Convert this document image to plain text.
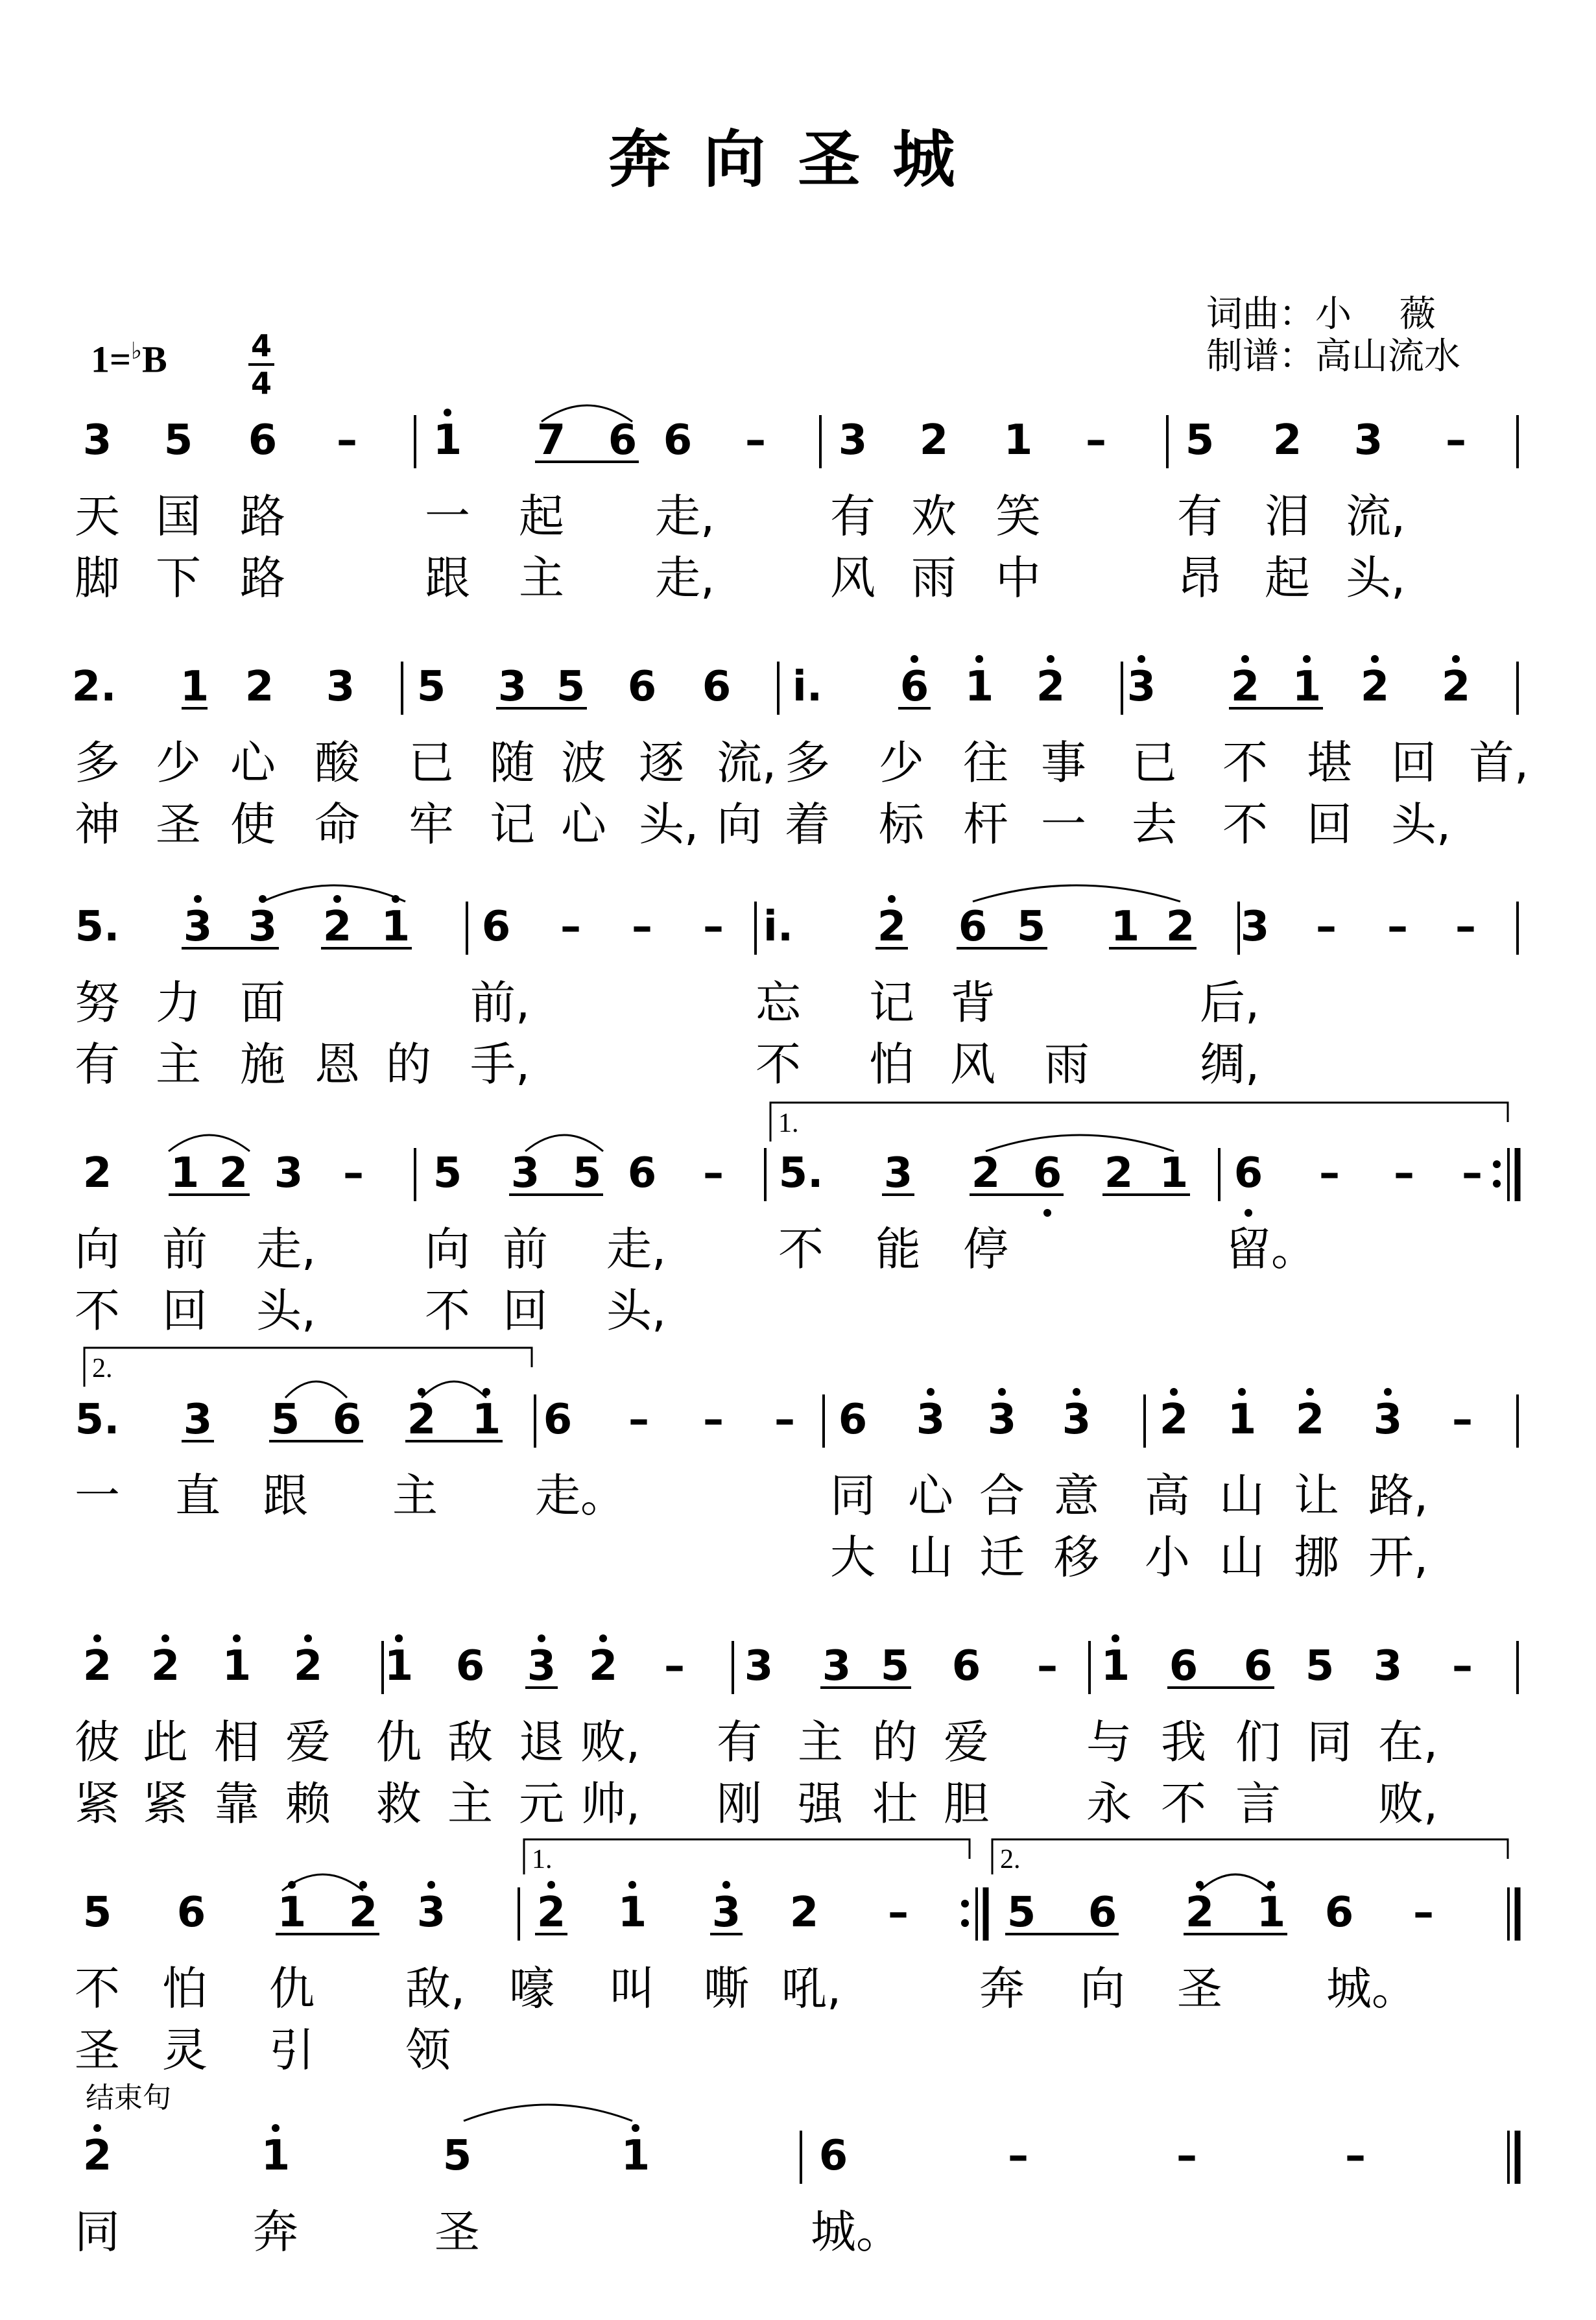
奔向圣城
词曲：小　 薇
制谱：高山流水
1=♭B	4
4
结束句
3 5 6 – 1 7 6 6 – 3 2 1 – 5 2 3 –
天 国 路	一 起 走,	有 欢 笑	有 泪 流,
脚 下 路	跟 主 走,	风 雨 中	昂 起 头,
2. 1 2 3 5 3 5 6 6 i. 6 1 2 3 2 1 2 2
多 少 心 酸 已 随 波 逐 流, 多 少 往 事 已 不 堪 回 首,
神 圣 使 命 牢 记 心 头, 向 着 标 杆 一 去 不 回 头,
5. 3 3 2 1 6 – – – i. 2 6 5 1 2 3 – – –
努 力 面	前,	忘 记 背	后,
有 主 施 恩 的 手,	不 怕 风 雨 绸,
2 1 2 3 – 5 3 5 6 – 5. 3 2 6 2 1 6 – – –
向 前 走, 向 前 走, 不 能 停	留。
不 回 头, 不 回 头,
1.
5. 3 5 6 2 1 6 – – – 6 3 3 3 2 1 2 3 –
一 直 跟 主 走。	同 心 合 意 高 山 让 路,
大 山 迁 移 小 山 挪 开,
2.
2 2 1 2 1 6 3 2 – 3 3 5 6 – 1 6 6 5 3 –
彼 此 相 爱 仇 敌 退 败, 有 主 的 爱 与 我 们 同 在,
紧 紧 靠 赖 救 主 元 帅, 刚 强 壮 胆 永 不 言 败,
5 6 1 2 3 2 1 3 2 – 5 6 2 1 6 –
不 怕 仇 敌, 嚎 叫 嘶 吼,	奔 向 圣 城。
圣 灵 引 领
1.	2.
2	1	5	1	6	–	–	–
同	奔	圣	城。
